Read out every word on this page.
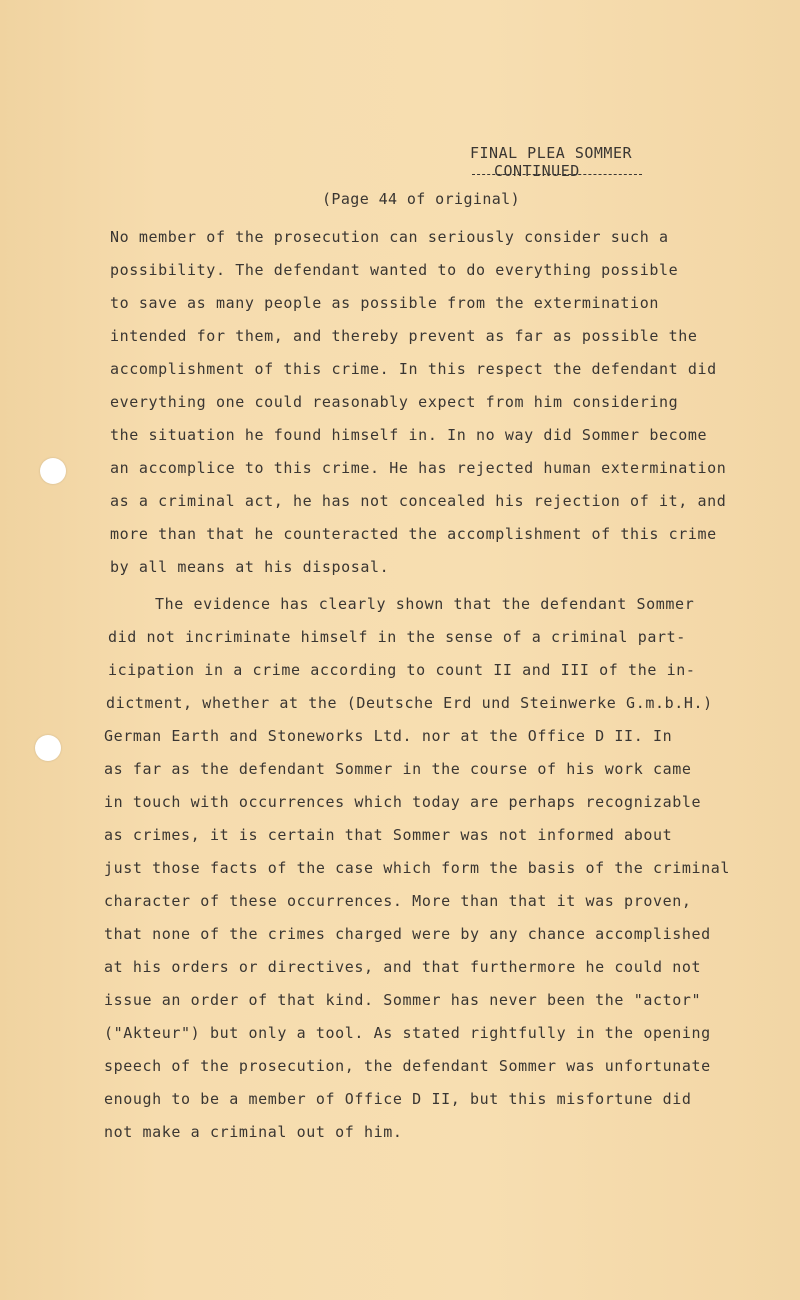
FINAL PLEA SOMMER
CONTINUED
(Page 44 of original)
No member of the prosecution can seriously consider such a
possibility. The defendant wanted to do everything possible
to save as many people as possible from the extermination
intended for them, and thereby prevent as far as possible the
accomplishment of this crime. In this respect the defendant did
everything one could reasonably expect from him considering
the situation he found himself in. In no way did Sommer become
an accomplice to this crime. He has rejected human extermination
as a criminal act, he has not concealed his rejection of it, and
more than that he counteracted the accomplishment of this crime
by all means at his disposal.
The evidence has clearly shown that the defendant Sommer
did not incriminate himself in the sense of a criminal part-
icipation in a crime according to count II and III of the in-
dictment, whether at the (Deutsche Erd und Steinwerke G.m.b.H.)
German Earth and Stoneworks Ltd. nor at the Office D II. In
as far as the defendant Sommer in the course of his work came
in touch with occurrences which today are perhaps recognizable
as crimes, it is certain that Sommer was not informed about
just those facts of the case which form the basis of the criminal
character of these occurrences. More than that it was proven,
that none of the crimes charged were by any chance accomplished
at his orders or directives, and that furthermore he could not
issue an order of that kind. Sommer has never been the "actor"
("Akteur") but only a tool. As stated rightfully in the opening
speech of the prosecution, the defendant Sommer was unfortunate
enough to be a member of Office D II, but this misfortune did
not make a criminal out of him.
